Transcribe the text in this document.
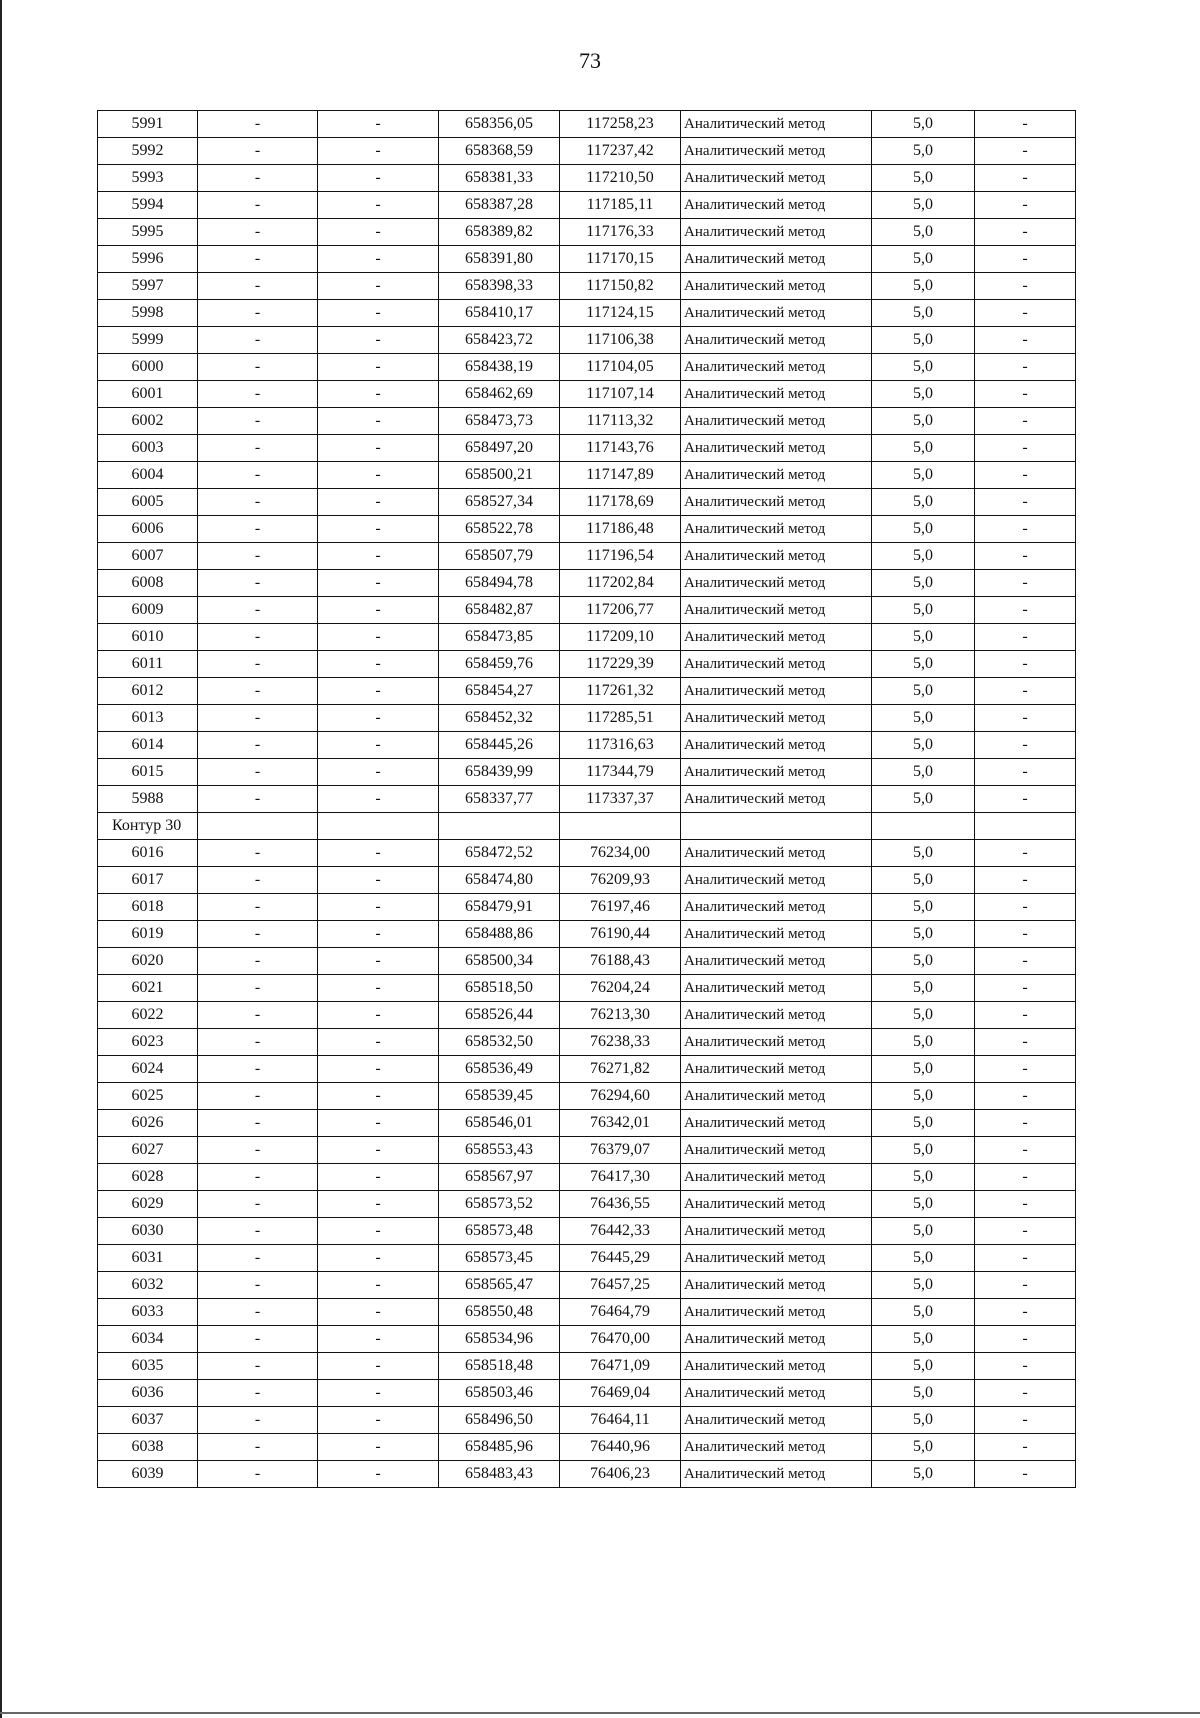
73
5991	-	-	658356,05	117258,23	Аналитический метод	5,0	-
5992	-	-	658368,59	117237,42	Аналитический метод	5,0	-
5993	-	-	658381,33	117210,50	Аналитический метод	5,0	-
5994	-	-	658387,28	117185,11	Аналитический метод	5,0	-
5995	-	-	658389,82	117176,33	Аналитический метод	5,0	-
5996	-	-	658391,80	117170,15	Аналитический метод	5,0	-
5997	-	-	658398,33	117150,82	Аналитический метод	5,0	-
5998	-	-	658410,17	117124,15	Аналитический метод	5,0	-
5999	-	-	658423,72	117106,38	Аналитический метод	5,0	-
6000	-	-	658438,19	117104,05	Аналитический метод	5,0	-
6001	-	-	658462,69	117107,14	Аналитический метод	5,0	-
6002	-	-	658473,73	117113,32	Аналитический метод	5,0	-
6003	-	-	658497,20	117143,76	Аналитический метод	5,0	-
6004	-	-	658500,21	117147,89	Аналитический метод	5,0	-
6005	-	-	658527,34	117178,69	Аналитический метод	5,0	-
6006	-	-	658522,78	117186,48	Аналитический метод	5,0	-
6007	-	-	658507,79	117196,54	Аналитический метод	5,0	-
6008	-	-	658494,78	117202,84	Аналитический метод	5,0	-
6009	-	-	658482,87	117206,77	Аналитический метод	5,0	-
6010	-	-	658473,85	117209,10	Аналитический метод	5,0	-
6011	-	-	658459,76	117229,39	Аналитический метод	5,0	-
6012	-	-	658454,27	117261,32	Аналитический метод	5,0	-
6013	-	-	658452,32	117285,51	Аналитический метод	5,0	-
6014	-	-	658445,26	117316,63	Аналитический метод	5,0	-
6015	-	-	658439,99	117344,79	Аналитический метод	5,0	-
5988	-	-	658337,77	117337,37	Аналитический метод	5,0	-
Контур 30							
6016	-	-	658472,52	76234,00	Аналитический метод	5,0	-
6017	-	-	658474,80	76209,93	Аналитический метод	5,0	-
6018	-	-	658479,91	76197,46	Аналитический метод	5,0	-
6019	-	-	658488,86	76190,44	Аналитический метод	5,0	-
6020	-	-	658500,34	76188,43	Аналитический метод	5,0	-
6021	-	-	658518,50	76204,24	Аналитический метод	5,0	-
6022	-	-	658526,44	76213,30	Аналитический метод	5,0	-
6023	-	-	658532,50	76238,33	Аналитический метод	5,0	-
6024	-	-	658536,49	76271,82	Аналитический метод	5,0	-
6025	-	-	658539,45	76294,60	Аналитический метод	5,0	-
6026	-	-	658546,01	76342,01	Аналитический метод	5,0	-
6027	-	-	658553,43	76379,07	Аналитический метод	5,0	-
6028	-	-	658567,97	76417,30	Аналитический метод	5,0	-
6029	-	-	658573,52	76436,55	Аналитический метод	5,0	-
6030	-	-	658573,48	76442,33	Аналитический метод	5,0	-
6031	-	-	658573,45	76445,29	Аналитический метод	5,0	-
6032	-	-	658565,47	76457,25	Аналитический метод	5,0	-
6033	-	-	658550,48	76464,79	Аналитический метод	5,0	-
6034	-	-	658534,96	76470,00	Аналитический метод	5,0	-
6035	-	-	658518,48	76471,09	Аналитический метод	5,0	-
6036	-	-	658503,46	76469,04	Аналитический метод	5,0	-
6037	-	-	658496,50	76464,11	Аналитический метод	5,0	-
6038	-	-	658485,96	76440,96	Аналитический метод	5,0	-
6039	-	-	658483,43	76406,23	Аналитический метод	5,0	-
